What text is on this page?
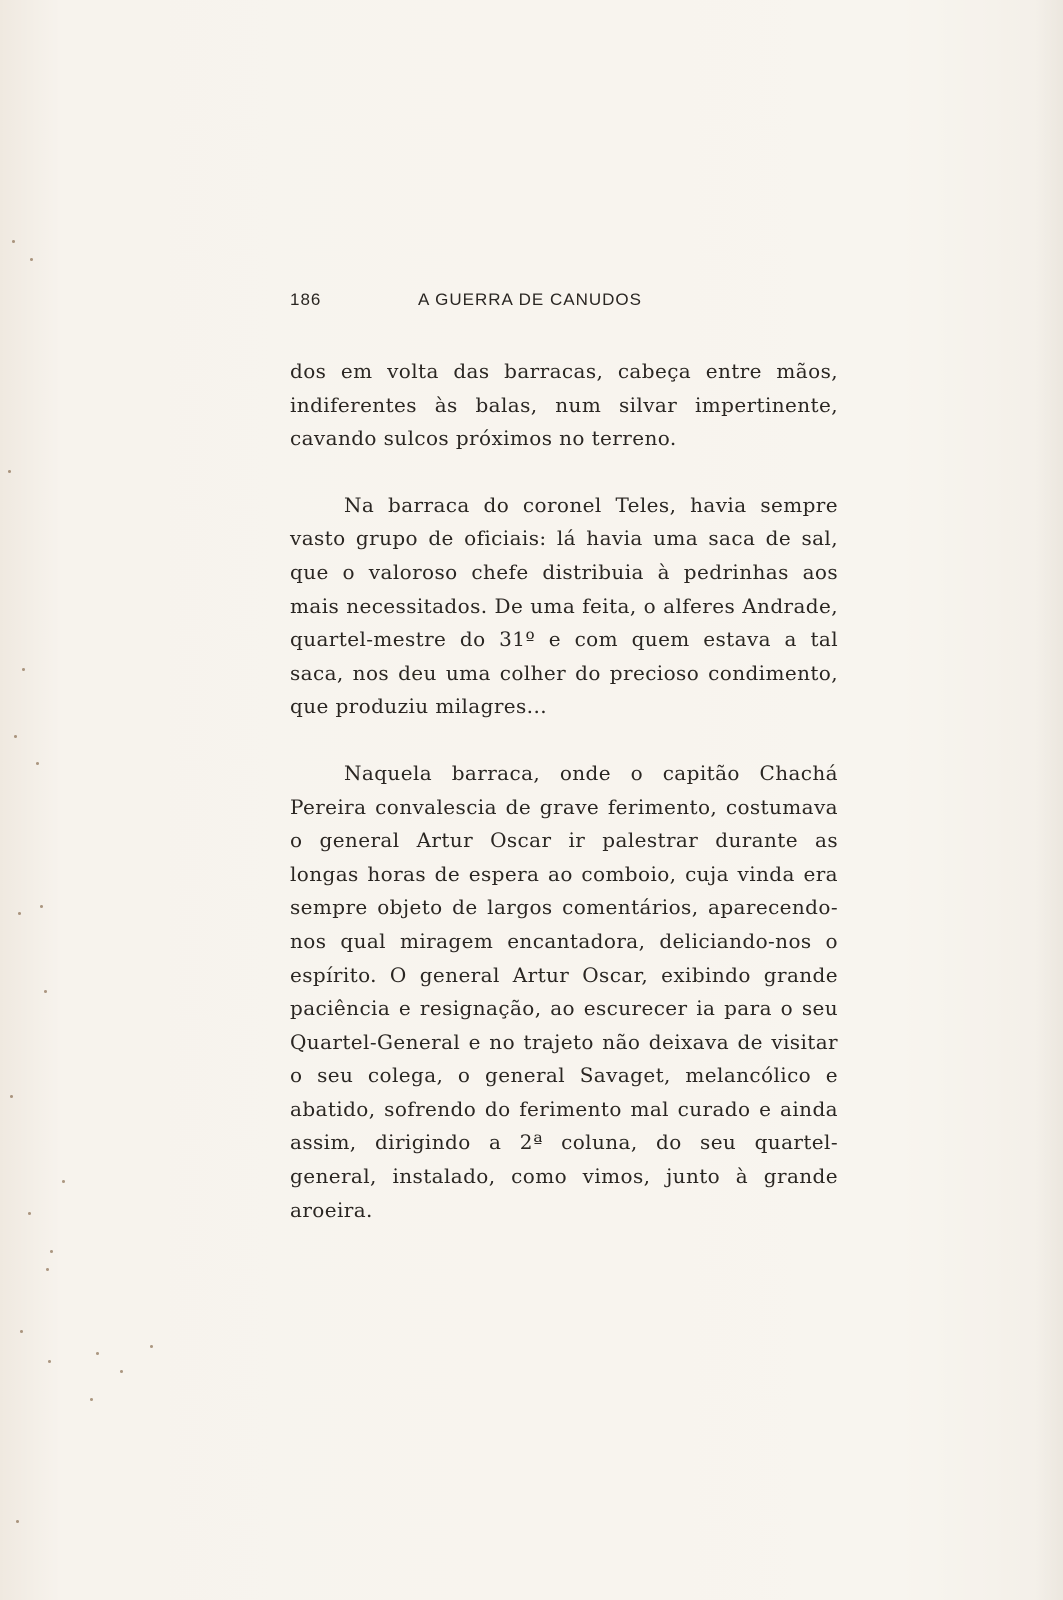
186	A GUERRA DE CANUDOS

dos em volta das barracas, cabeça entre mãos, indiferentes às balas, num silvar impertinente, cavando sulcos próximos no terreno.

Na barraca do coronel Teles, havia sempre vasto grupo de oficiais: lá havia uma saca de sal, que o valoroso chefe distribuia à pedrinhas aos mais necessitados. De uma feita, o alferes Andrade, quartel-mestre do 31º e com quem estava a tal saca, nos deu uma colher do precioso condimento, que produziu milagres...

Naquela barraca, onde o capitão Chachá Pereira convalescia de grave ferimento, costumava o general Artur Oscar ir palestrar durante as longas horas de espera ao comboio, cuja vinda era sempre objeto de largos comentários, aparecendo-nos qual miragem encantadora, deliciando-nos o espírito. O general Artur Oscar, exibindo grande paciência e resignação, ao escurecer ia para o seu Quartel-General e no trajeto não deixava de visitar o seu colega, o general Savaget, melancólico e abatido, sofrendo do ferimento mal curado e ainda assim, dirigindo a 2ª coluna, do seu quartel-general, instalado, como vimos, junto à grande aroeira.
